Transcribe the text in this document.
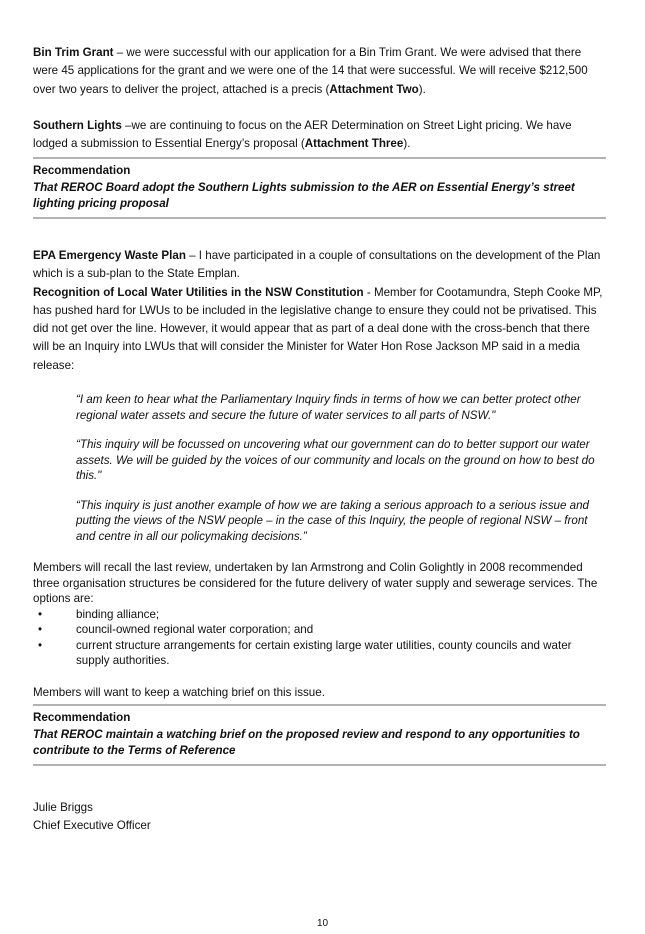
Bin Trim Grant – we were successful with our application for a Bin Trim Grant. We were advised that there were 45 applications for the grant and we were one of the 14 that were successful. We will receive $212,500 over two years to deliver the project, attached is a precis (Attachment Two).

Southern Lights –we are continuing to focus on the AER Determination on Street Light pricing. We have lodged a submission to Essential Energy’s proposal (Attachment Three).

Recommendation
That REROC Board adopt the Southern Lights submission to the AER on Essential Energy’s street lighting pricing proposal

EPA Emergency Waste Plan – I have participated in a couple of consultations on the development of the Plan which is a sub-plan to the State Emplan.

Recognition of Local Water Utilities in the NSW Constitution - Member for Cootamundra, Steph Cooke MP, has pushed hard for LWUs to be included in the legislative change to ensure they could not be privatised. This did not get over the line. However, it would appear that as part of a deal done with the cross-bench that there will be an Inquiry into LWUs that will consider the Minister for Water Hon Rose Jackson MP said in a media release:

“I am keen to hear what the Parliamentary Inquiry finds in terms of how we can better protect other regional water assets and secure the future of water services to all parts of NSW."

“This inquiry will be focussed on uncovering what our government can do to better support our water assets. We will be guided by the voices of our community and locals on the ground on how to best do this."

“This inquiry is just another example of how we are taking a serious approach to a serious issue and putting the views of the NSW people – in the case of this Inquiry, the people of regional NSW – front and centre in all our policymaking decisions.”

Members will recall the last review, undertaken by Ian Armstrong and Colin Golightly in 2008 recommended three organisation structures be considered for the future delivery of water supply and sewerage services. The options are:

•	binding alliance;
•	council-owned regional water corporation; and
•	current structure arrangements for certain existing large water utilities, county councils and water supply authorities.

Members will want to keep a watching brief on this issue.

Recommendation
That REROC maintain a watching brief on the proposed review and respond to any opportunities to contribute to the Terms of Reference

Julie Briggs

Chief Executive Officer

10
